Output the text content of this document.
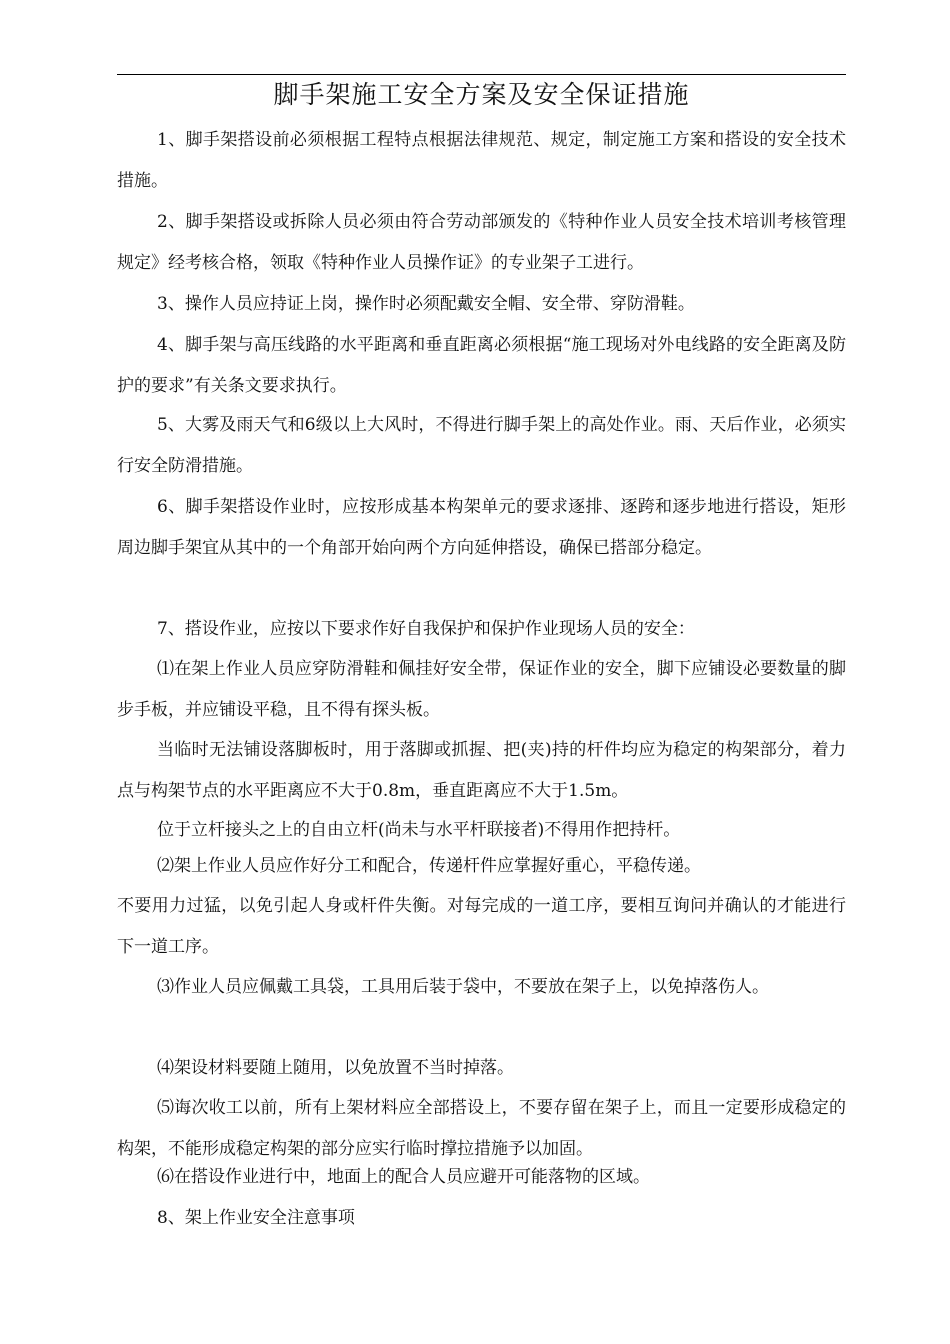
脚手架施工安全方案及安全保证措施

1、脚手架搭设前必须根据工程特点根据法律规范、规定，制定施工方案和搭设的安全技术措施。

2、脚手架搭设或拆除人员必须由符合劳动部颁发的《特种作业人员安全技术培训考核管理规定》经考核合格，领取《特种作业人员操作证》的专业架子工进行。

3、操作人员应持证上岗，操作时必须配戴安全帽、安全带、穿防滑鞋。

4、脚手架与高压线路的水平距离和垂直距离必须根据“施工现场对外电线路的安全距离及防护的要求”有关条文要求执行。

5、大雾及雨天气和6级以上大风时，不得进行脚手架上的高处作业。雨、天后作业，必须实行安全防滑措施。

6、脚手架搭设作业时，应按形成基本构架单元的要求逐排、逐跨和逐步地进行搭设，矩形周边脚手架宜从其中的一个角部开始向两个方向延伸搭设，确保已搭部分稳定。

7、搭设作业，应按以下要求作好自我保护和保护作业现场人员的安全：

⑴在架上作业人员应穿防滑鞋和佩挂好安全带，保证作业的安全，脚下应铺设必要数量的脚步手板，并应铺设平稳，且不得有探头板。

当临时无法铺设落脚板时，用于落脚或抓握、把(夹)持的杆件均应为稳定的构架部分，着力点与构架节点的水平距离应不大于0.8m，垂直距离应不大于1.5m。

位于立杆接头之上的自由立杆(尚未与水平杆联接者)不得用作把持杆。

⑵架上作业人员应作好分工和配合，传递杆件应掌握好重心，平稳传递。

不要用力过猛，以免引起人身或杆件失衡。对每完成的一道工序，要相互询问并确认的才能进行下一道工序。

⑶作业人员应佩戴工具袋，工具用后装于袋中，不要放在架子上，以免掉落伤人。

⑷架设材料要随上随用，以免放置不当时掉落。

⑸诲次收工以前，所有上架材料应全部搭设上，不要存留在架子上，而且一定要形成稳定的构架，不能形成稳定构架的部分应实行临时撑拉措施予以加固。

⑹在搭设作业进行中，地面上的配合人员应避开可能落物的区域。

8、架上作业安全注意事项
